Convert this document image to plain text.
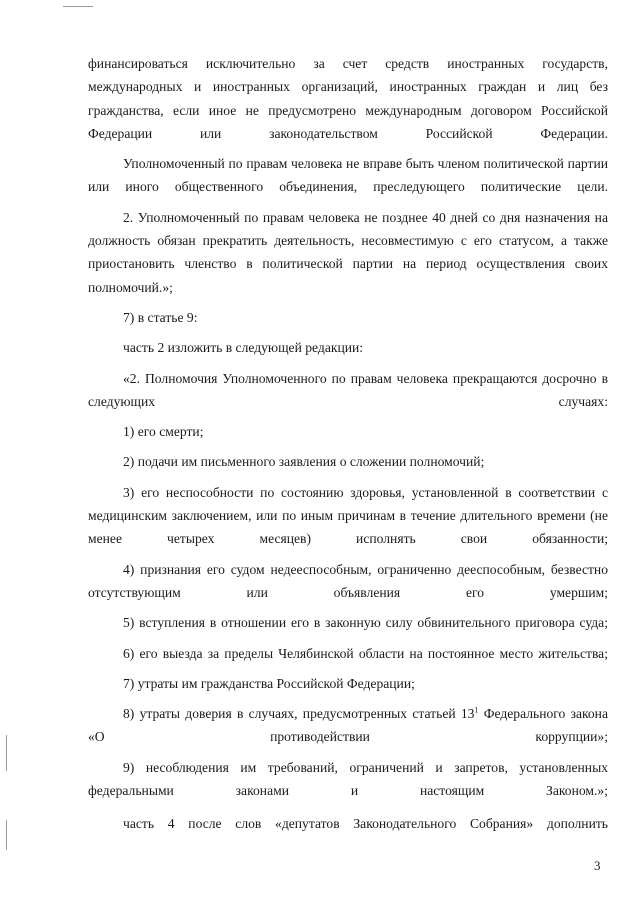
финансироваться исключительно за счет средств иностранных государств, международных и иностранных организаций, иностранных граждан и лиц без гражданства, если иное не предусмотрено международным договором Российской Федерации или законодательством Российской Федерации.

Уполномоченный по правам человека не вправе быть членом политической партии или иного общественного объединения, преследующего политические цели.

2. Уполномоченный по правам человека не позднее 40 дней со дня назначения на должность обязан прекратить деятельность, несовместимую с его статусом, а также приостановить членство в политической партии на период осуществления своих полномочий.»;

7) в статье 9:

часть 2 изложить в следующей редакции:

«2. Полномочия Уполномоченного по правам человека прекращаются досрочно в следующих случаях:

1) его смерти;

2) подачи им письменного заявления о сложении полномочий;

3) его неспособности по состоянию здоровья, установленной в соответствии с медицинским заключением, или по иным причинам в течение длительного времени (не менее четырех месяцев) исполнять свои обязанности;

4) признания его судом недееспособным, ограниченно дееспособным, безвестно отсутствующим или объявления его умершим;

5) вступления в отношении его в законную силу обвинительного приговора суда;

6) его выезда за пределы Челябинской области на постоянное место жительства;

7) утраты им гражданства Российской Федерации;

8) утраты доверия в случаях, предусмотренных статьей $13^1$ Федерального закона «О противодействии коррупции»;

9) несоблюдения им требований, ограничений и запретов, установленных федеральными законами и настоящим Законом.»;

часть 4 после слов «депутатов Законодательного Собрания» дополнить

3
